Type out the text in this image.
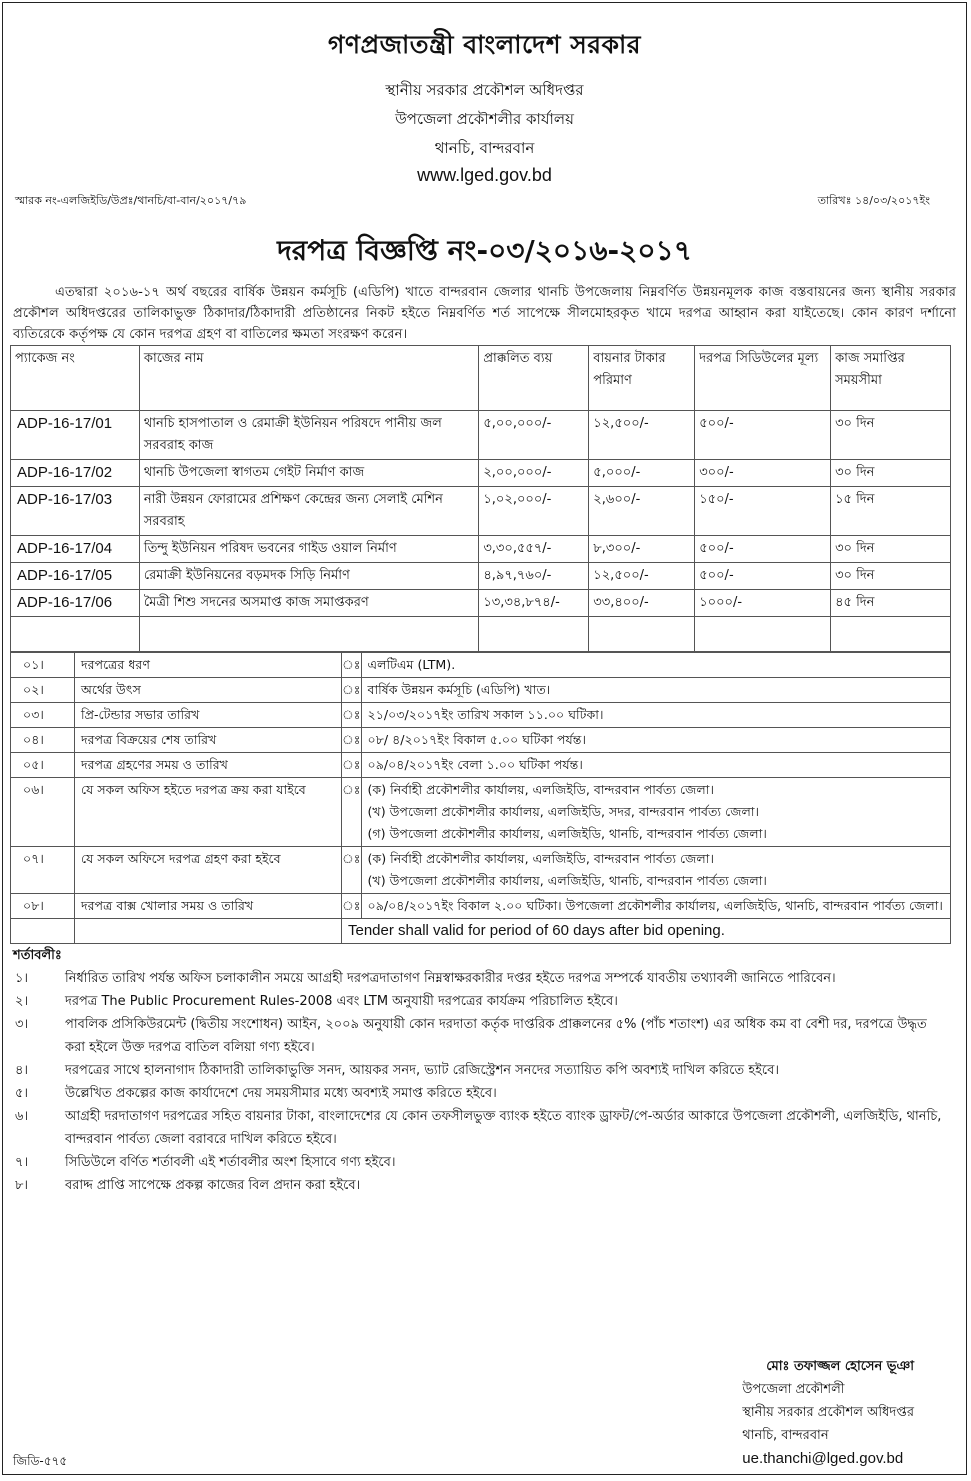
গণপ্রজাতন্ত্রী বাংলাদেশ সরকার
স্থানীয় সরকার প্রকৌশল অধিদপ্তর
উপজেলা প্রকৌশলীর কার্যালয়
থানচি, বান্দরবান
www.lged.gov.bd
স্মারক নং-এলজিইডি/উপ্রঃ/থানচি/বা-বান/২০১৭/৭৯	তারিখঃ ১৪/০৩/২০১৭ইং
দরপত্র বিজ্ঞপ্তি নং-০৩/২০১৬-২০১৭
এতদ্বারা ২০১৬-১৭ অর্থ বছরের বার্ষিক উন্নয়ন কর্মসূচি (এডিপি) খাতে বান্দরবান জেলার থানচি উপজেলায় নিম্নবর্ণিত উন্নয়নমূলক কাজ বস্তবায়নের জন্য স্থানীয় সরকার প্রকৌশল অধিদপ্তরের তালিকাভুক্ত ঠিকাদার/ঠিকাদারী প্রতিষ্ঠানের নিকট হইতে নিম্নবর্ণিত শর্ত সাপেক্ষে সীলমোহরকৃত খামে দরপত্র আহ্বান করা যাইতেছে। কোন কারণ দর্শানো ব্যতিরেকে কর্তৃপক্ষ যে কোন দরপত্র গ্রহণ বা বাতিলের ক্ষমতা সংরক্ষণ করেন।
প্যাকেজ নং	কাজের নাম	প্রাক্কলিত ব্যয়	বায়নার টাকার পরিমাণ	দরপত্র সিডিউলের মূল্য	কাজ সমাপ্তির সময়সীমা
ADP-16-17/01	থানচি হাসপাতাল ও রেমাক্রী ইউনিয়ন পরিষদে পানীয় জল সরবরাহ কাজ	৫,০০,০০০/-	১২,৫০০/-	৫০০/-	৩০ দিন
ADP-16-17/02	থানচি উপজেলা স্বাগতম গেইট নির্মাণ কাজ	২,০০,০০০/-	৫,০০০/-	৩০০/-	৩০ দিন
ADP-16-17/03	নারী উন্নয়ন ফোরামের প্রশিক্ষণ কেন্দ্রের জন্য সেলাই মেশিন সরবরাহ	১,০২,০০০/-	২,৬০০/-	১৫০/-	১৫ দিন
ADP-16-17/04	তিন্দু ইউনিয়ন পরিষদ ভবনের গাইড ওয়াল নির্মাণ	৩,৩০,৫৫৭/-	৮,৩০০/-	৫০০/-	৩০ দিন
ADP-16-17/05	রেমাক্রী ইউনিয়নের বড়মদক সিড়ি নির্মাণ	৪,৯৭,৭৬০/-	১২,৫০০/-	৫০০/-	৩০ দিন
ADP-16-17/06	মৈত্রী শিশু সদনের অসমাপ্ত কাজ সমাপ্তকরণ	১৩,৩৪,৮৭৪/-	৩৩,৪০০/-	১০০০/-	৪৫ দিন

০১।	দরপত্রের ধরণ	ঃ	এলটিএম (LTM).

০২।	অর্থের উৎস	ঃ	বার্ষিক উন্নয়ন কর্মসূচি (এডিপি) খাত।

০৩।	প্রি-টেন্ডার সভার তারিখ	ঃ	২১/০৩/২০১৭ইং তারিখ সকাল ১১.০০ ঘটিকা।

০৪।	দরপত্র বিক্রয়ের শেষ তারিখ	ঃ	০৮/ ৪/২০১৭ইং বিকাল ৫.০০ ঘটিকা পর্যন্ত।

০৫।	দরপত্র গ্রহণের সময় ও তারিখ	ঃ	০৯/০৪/২০১৭ইং বেলা ১.০০ ঘটিকা পর্যন্ত।

০৬।	যে সকল অফিস হইতে দরপত্র ক্রয় করা যাইবে	ঃ	(ক) নির্বাহী প্রকৌশলীর কার্যালয়, এলজিইডি, বান্দরবান পার্বত্য জেলা।
(খ) উপজেলা প্রকৌশলীর কার্যালয়, এলজিইডি, সদর, বান্দরবান পার্বত্য জেলা।
(গ) উপজেলা প্রকৌশলীর কার্যালয়, এলজিইডি, থানচি, বান্দরবান পার্বত্য জেলা।

০৭।	যে সকল অফিসে দরপত্র গ্রহণ করা হইবে	ঃ	(ক) নির্বাহী প্রকৌশলীর কার্যালয়, এলজিইডি, বান্দরবান পার্বত্য জেলা।
(খ) উপজেলা প্রকৌশলীর কার্যালয়, এলজিইডি, থানচি, বান্দরবান পার্বত্য জেলা।

০৮।	দরপত্র বাক্স খোলার সময় ও তারিখ	ঃ	০৯/০৪/২০১৭ইং বিকাল ২.০০ ঘটিকা। উপজেলা প্রকৌশলীর কার্যালয়, এলজিইডি, থানচি, বান্দরবান পার্বত্য জেলা।

		Tender shall valid for period of 60 days after bid opening.	
শর্তাবলীঃ
১।	নির্ধারিত তারিখ পর্যন্ত অফিস চলাকালীন সময়ে আগ্রহী দরপত্রদাতাগণ নিম্নস্বাক্ষরকারীর দপ্তর হইতে দরপত্র সম্পর্কে যাবতীয় তথ্যাবলী জানিতে পারিবেন।
২।	দরপত্র The Public Procurement Rules-2008 এবং LTM অনুযায়ী দরপত্রের কার্যক্রম পরিচালিত হইবে।
৩।	পাবলিক প্রসিকিউরমেন্ট (দ্বিতীয় সংশোধন) আইন, ২০০৯ অনুযায়ী কোন দরদাতা কর্তৃক দাপ্তরিক প্রাক্কলনের ৫% (পাঁচ শতাংশ) এর অধিক কম বা বেশী দর, দরপত্রে উদ্ধৃত করা হইলে উক্ত দরপত্র বাতিল বলিয়া গণ্য হইবে।
৪।	দরপত্রের সাথে হালনাগাদ ঠিকাদারী তালিকাভুক্তি সনদ, আয়কর সনদ, ভ্যাট রেজিস্ট্রেশন সনদের সত্যায়িত কপি অবশ্যই দাখিল করিতে হইবে।
৫।	উল্লেখিত প্রকল্পের কাজ কার্যাদেশে দেয় সময়সীমার মধ্যে অবশ্যই সমাপ্ত করিতে হইবে।
৬।	আগ্রহী দরদাতাগণ দরপত্রের সহিত বায়নার টাকা, বাংলাদেশের যে কোন তফসীলভুক্ত ব্যাংক হইতে ব্যাংক ড্রাফট/পে-অর্ডার আকারে উপজেলা প্রকৌশলী, এলজিইডি, থানচি, বান্দরবান পার্বত্য জেলা বরাবরে দাখিল করিতে হইবে।
৭।	সিডিউলে বর্ণিত শর্তাবলী এই শর্তাবলীর অংশ হিসাবে গণ্য হইবে।
৮।	বরাদ্দ প্রাপ্তি সাপেক্ষে প্রকল্প কাজের বিল প্রদান করা হইবে।
মোঃ তফাজ্জল হোসেন ভূঞা
উপজেলা প্রকৌশলী
স্থানীয় সরকার প্রকৌশল অধিদপ্তর
থানচি, বান্দরবান
ue.thanchi@lged.gov.bd
জিডি-৫৭৫
